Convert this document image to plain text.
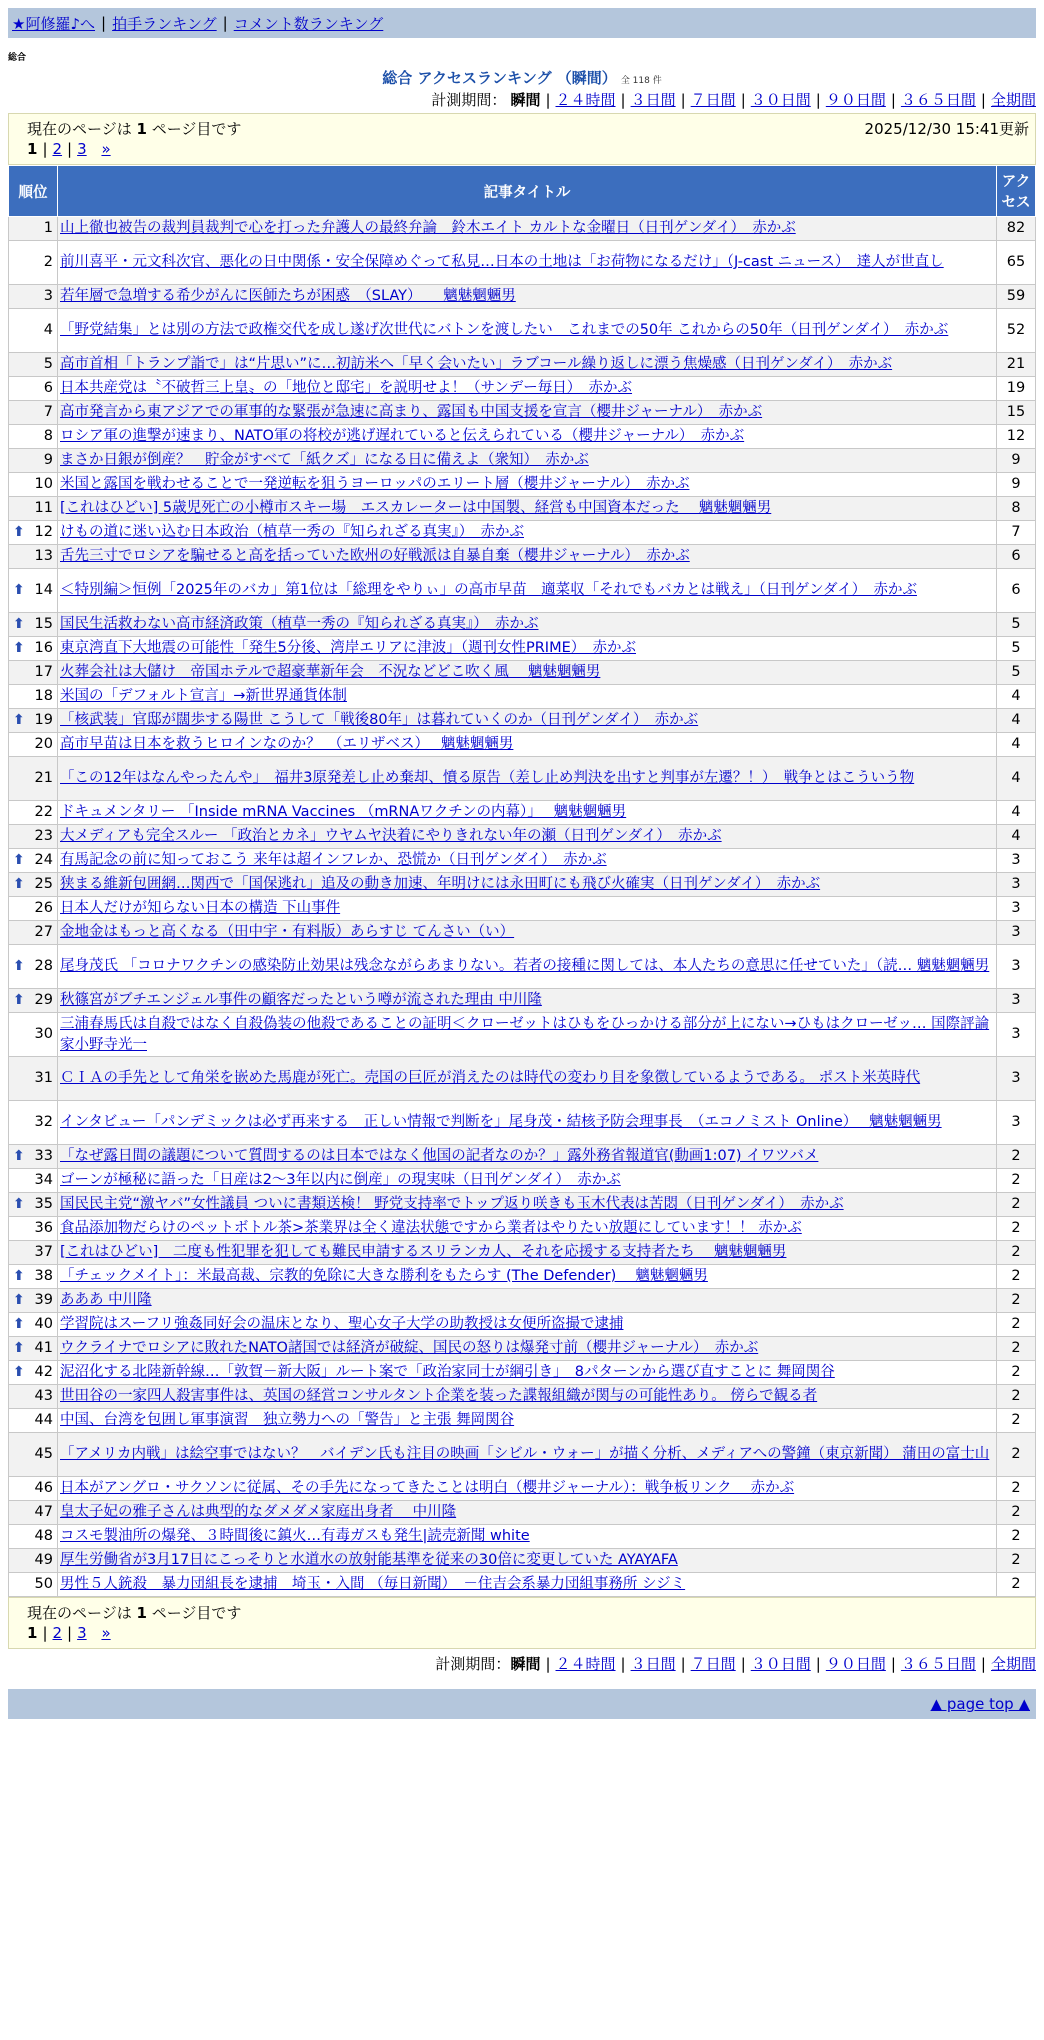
★阿修羅♪へ | 拍手ランキング | コメント数ランキング
総合
総合 アクセスランキング （瞬間） 全 118 件
計測期間： 瞬間 | ２４時間 | ３日間 | ７日間 | ３０日間 | ９０日間 | ３６５日間 | 全期間
現在のページは 1 ページ目です	2025/12/30 15:41更新
1 | 2 | 3 »
順位	記事タイトル	アクセス
1	山上徹也被告の裁判員裁判で心を打った弁護人の最終弁論　鈴木エイト カルトな金曜日（日刊ゲンダイ）　赤かぶ	82
2	前川喜平・元文科次官、悪化の日中関係・安全保障めぐって私見…日本の土地は「お荷物になるだけ」（J-cast ニュース）　達人が世直し	65
3	若年層で急増する希少がんに医師たちが困惑　（SLAY）　　魑魅魍魎男	59
4	「野党結集」とは別の方法で政権交代を成し遂げ次世代にバトンを渡したい　これまでの50年 これからの50年（日刊ゲンダイ）　赤かぶ	52
5	高市首相「トランプ詣で」は“片思い”に…初訪米へ「早く会いたい」ラブコール繰り返しに漂う焦燥感（日刊ゲンダイ）　赤かぶ	21
6	日本共産党は〝不破哲三上皇〟の「地位と邸宅」を説明せよ！（サンデー毎日）　赤かぶ	19
7	高市発言から東アジアでの軍事的な緊張が急速に高まり、露国も中国支援を宣言（櫻井ジャーナル）　赤かぶ	15
8	ロシア軍の進撃が速まり、NATO軍の将校が逃げ遅れていると伝えられている（櫻井ジャーナル）　赤かぶ	12
9	まさか日銀が倒産？　貯金がすべて「紙クズ」になる日に備えよ（衆知）　赤かぶ	9
10	米国と露国を戦わせることで一発逆転を狙うヨーロッパのエリート層（櫻井ジャーナル）　赤かぶ	9
11	[これはひどい] 5歳児死亡の小樽市スキー場　エスカレーターは中国製、経営も中国資本だった　 魑魅魍魎男	8

⬆ 12	けもの道に迷い込む日本政治（植草一秀の『知られざる真実』）　赤かぶ	7
13	舌先三寸でロシアを騙せると高を括っていた欧州の好戦派は自暴自棄（櫻井ジャーナル）　赤かぶ	6

⬆ 14	＜特別編＞恒例「2025年のバカ」第1位は「総理をやりぃ」の高市早苗　適菜収「それでもバカとは戦え」（日刊ゲンダイ）　赤かぶ	6

⬆ 15	国民生活救わない高市経済政策（植草一秀の『知られざる真実』）　赤かぶ	5

⬆ 16	東京湾直下大地震の可能性「発生5分後、湾岸エリアに津波」（週刊女性PRIME）　赤かぶ	5
17	火葬会社は大儲け　帝国ホテルで超豪華新年会　不況などどこ吹く風　 魑魅魍魎男	5
18	米国の「デフォルト宣言」→新世界通貨体制	4

⬆ 19	「核武装」官邸が闊歩する陽世 こうして「戦後80年」は暮れていくのか（日刊ゲンダイ）　赤かぶ	4
20	高市早苗は日本を救うヒロインなのか？　（エリザベス）　 魑魅魍魎男	4
21	「この12年はなんやったんや」　福井3原発差し止め棄却、憤る原告（差し止め判決を出すと判事が左遷？！）　戦争とはこういう物	4
22	ドキュメンタリー 「Inside mRNA Vaccines （mRNAワクチンの内幕）」　 魑魅魍魎男	4
23	大メディアも完全スルー 「政治とカネ」ウヤムヤ決着にやりきれない年の瀬（日刊ゲンダイ）　赤かぶ	4

⬆ 24	有馬記念の前に知っておこう 来年は超インフレか、恐慌か（日刊ゲンダイ）　赤かぶ	3

⬆ 25	狭まる維新包囲網…関西で「国保逃れ」追及の動き加速、年明けには永田町にも飛び火確実（日刊ゲンダイ）　赤かぶ	3
26	日本人だけが知らない日本の構造 下山事件	3
27	金地金はもっと高くなる（田中宇・有料版）あらすじ てんさい（い）	3

⬆ 28	尾身茂氏 「コロナワクチンの感染防止効果は残念ながらあまりない。若者の接種に関しては、本人たちの意思に任せていた」（読… 魑魅魍魎男	3

⬆ 29	秋篠宮がブチエンジェル事件の顧客だったという噂が流された理由 中川隆	3
30	三浦春馬氏は自殺ではなく自殺偽装の他殺であることの証明＜クローゼットはひもをひっかける部分が上にない→ひもはクローゼッ… 国際評論家小野寺光一	3
31	ＣＩＡの手先として角栄を嵌めた馬鹿が死亡。売国の巨匠が消えたのは時代の変わり目を象徴しているようである。 ポスト米英時代	3
32	インタビュー「パンデミックは必ず再来する　正しい情報で判断を」尾身茂・結核予防会理事長　（エコノミスト Online）　 魑魅魍魎男	3

⬆ 33	「なぜ露日間の議題について質問するのは日本ではなく他国の記者なのか？」露外務省報道官(動画1:07) イワツバメ	2
34	ゴーンが極秘に語った「日産は2～3年以内に倒産」の現実味（日刊ゲンダイ）　赤かぶ	2

⬆ 35	国民民主党“激ヤバ”女性議員 ついに書類送検！ 野党支持率でトップ返り咲きも玉木代表は苦悶（日刊ゲンダイ）　赤かぶ	2
36	食品添加物だらけのペットボトル茶>茶業界は全く違法状態ですから業者はやりたい放題にしています！！ 赤かぶ	2
37	[これはひどい]　二度も性犯罪を犯しても難民申請するスリランカ人、それを応援する支持者たち　 魑魅魍魎男	2

⬆ 38	「チェックメイト」：米最高裁、宗教的免除に大きな勝利をもたらす (The Defender)　 魑魅魍魎男	2

⬆ 39	あああ 中川隆	2

⬆ 40	学習院はスーフリ強姦同好会の温床となり、聖心女子大学の助教授は女便所盗撮で逮捕	2

⬆ 41	ウクライナでロシアに敗れたNATO諸国では経済が破綻、国民の怒りは爆発寸前（櫻井ジャーナル）　赤かぶ	2

⬆ 42	泥沼化する北陸新幹線…「敦賀－新大阪」ルート案で「政治家同士が綱引き」　8パターンから選び直すことに 舞岡関谷	2
43	世田谷の一家四人殺害事件は、英国の経営コンサルタント企業を装った諜報組織が関与の可能性あり。 傍らで観る者	2
44	中国、台湾を包囲し軍事演習　独立勢力への「警告」と主張 舞岡関谷	2
45	「アメリカ内戦」は絵空事ではない？　バイデン氏も注目の映画「シビル・ウォー」が描く分析、メディアへの警鐘（東京新聞） 蒲田の富士山	2
46	日本がアングロ・サクソンに従属、その手先になってきたことは明白（櫻井ジャーナル）：戦争板リンク　 赤かぶ	2
47	皇太子妃の雅子さんは典型的なダメダメ家庭出身者　 中川隆	2
48	コスモ製油所の爆発、３時間後に鎮火…有毒ガスも発生|読売新聞 white	2
49	厚生労働省が3月17日にこっそりと水道水の放射能基準を従来の30倍に変更していた AYAYAFA	2
50	男性５人銃殺　暴力団組長を逮捕　埼玉・入間 （毎日新聞）　－住吉会系暴力団組事務所 シジミ	2
現在のページは 1 ページ目です
1 | 2 | 3 »
計測期間：瞬間 | ２４時間 | ３日間 | ７日間 | ３０日間 | ９０日間 | ３６５日間 | 全期間
▲ page top ▲
